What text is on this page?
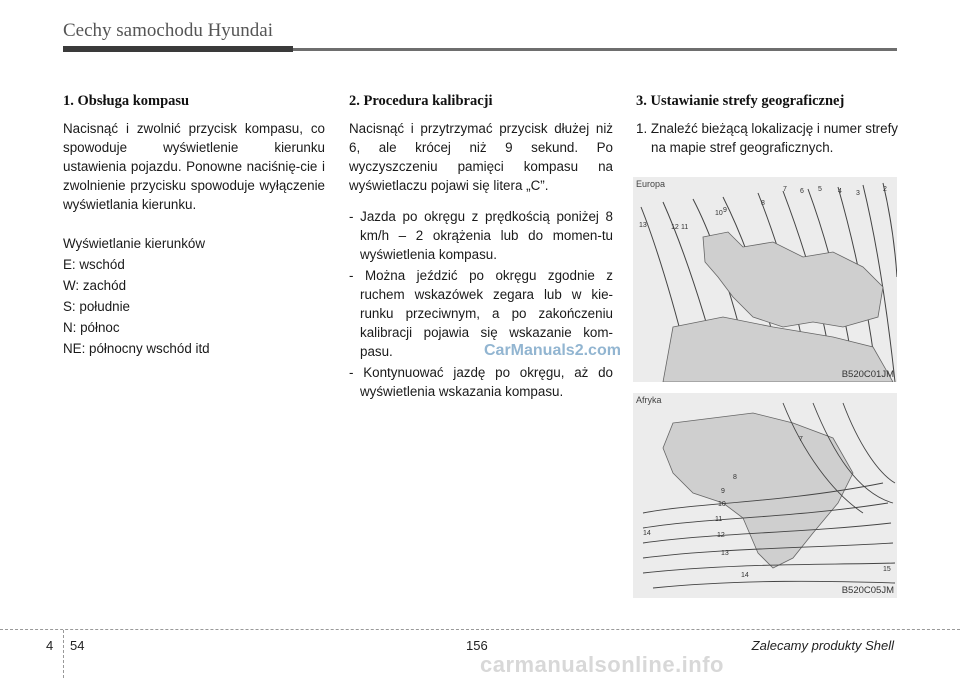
Cechy samochodu Hyundai
1. Obsługa kompasu

Nacisnąć i zwolnić przycisk kompasu, co spowoduje wyświetlenie kierunku ustawienia pojazdu. Ponowne naciśnię-cie i zwolnienie przycisku spowoduje wyłączenie wyświetlania kierunku.

Wyświetlanie kierunków

E: wschód

W: zachód

S: południe

N: północ

NE: północny wschód itd

2. Procedura kalibracji

Nacisnąć i przytrzymać przycisk dłużej niż 6, ale krócej niż 9 sekund. Po wyczyszczeniu pamięci kompasu na wyświetlaczu pojawi się litera „C”.

- Jazda po okręgu z prędkością poniżej 8 km/h – 2 okrążenia lub do momen-tu wyświetlenia kompasu.

- Można jeździć po okręgu zgodnie z ruchem wskazówek zegara lub w kie-runku przeciwnym, a po zakończeniu kalibracji pojawia się wskazanie kom-pasu.

- Kontynuować jazdę po okręgu, aż do wyświetlenia wskazania kompasu.

3. Ustawianie strefy geograficznej

1. Znaleźć bieżącą lokalizację i numer strefy na mapie stref geograficznych.

2
3
4
5
6
7
8
9
10
11
12
13
Europa
B520C01JM
7
8
9
10
11
12
13
14
14
15
Afryka
B520C05JM
CarManuals2.com
4 54	156	Zalecamy produkty Shell
carmanualsonline.info
